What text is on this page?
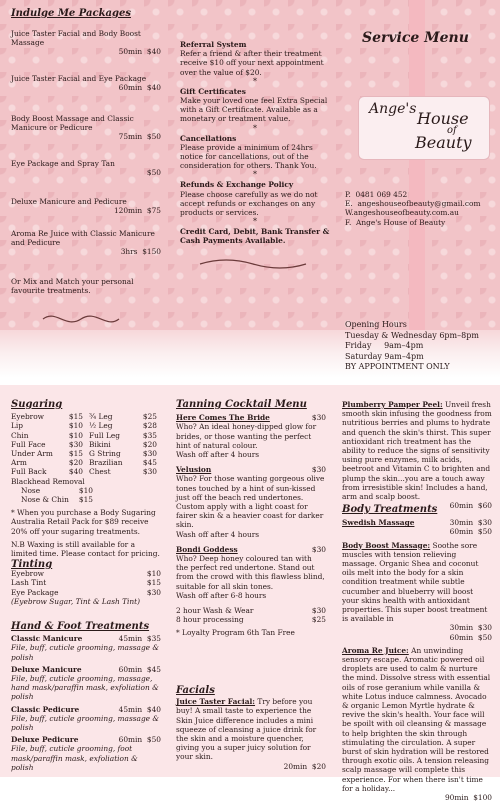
Indulge Me Packages
Juice Taster Facial and Body Boost Massage
50min $40
Juice Taster Facial and Eye Package
60min $40
Body Boost Massage and Classic Manicure or Pedicure
75min $50
Eye Package and Spray Tan
$50
Deluxe Manicure and Pedicure
120min $75
Aroma Re Juice with Classic Manicure and Pedicure
3hrs $150
Or Mix and Match your personal favourite treatments.
Referral System
Refer a friend & after their treatment receive $10 off your next appointment over the value of $20.
*
Gift Certificates
Make your loved one feel Extra Special with a Gift Certificate. Available as a monetary or treatment value.
*
Cancellations
Please provide a minimum of 24hrs notice for cancellations, out of the consideration for others. Thank You.
*
Refunds & Exchange Policy
Please choose carefully as we do not accept refunds or exchanges on any products or services.
*
Credit Card, Debit, Bank Transfer & Cash Payments Available.
Service Menu
Ange's House
of
Beauty
P. 0481 069 452
E. angeshouseofbeauty@gmail.com
W.angeshouseofbeauty.com.au
F. Ange's House of Beauty
Opening Hours
Tuesday & Wednesday 6pm–8pm
Friday 9am–4pm
Saturday 9am–4pm
BY APPOINTMENT ONLY
Sugaring
Eyebrow	$15
Lip	$10
Chin	$10
Full Face	$30
Under Arm $15
Arm	$20
Full Back	$40
¾ Leg	$25
½ Leg	$28
Full Leg	$35
Bikini	$20
G String	$30
Brazilian	$45
Chest	$30
Blackhead Removal
Nose	$10
Nose & Chin $15
* When you purchase a Body Sugaring Australia Retail Pack for $89 receive 20% off your sugaring treatments.
N.B Waxing is still available for a limited time. Please contact for pricing.
Tinting
Eyebrow	$10
Lash Tint	$15
Eye Package	$30
(Eyebrow Sugar, Tint & Lash Tint)
Hand & Foot Treatments
Classic Manicure	45min $35
File, buff, cuticle grooming, massage & polish
Deluxe Manicure	60min $45
File, buff, cuticle grooming, massage, hand mask/paraffin mask, exfoliation & polish
Classic Pedicure	45min $40
File, buff, cuticle grooming, massage & polish
Deluxe Pedicure	60min $50
File, buff, cuticle grooming, foot mask/paraffin mask, exfoliation & polish
Tanning Cocktail Menu
Here Comes The Bride	$30
Who? An ideal honey-dipped glow for brides, or those wanting the perfect hint of natural colour.
Wash off after 4 hours
Velusion	$30
Who? For those wanting gorgeous olive tones touched by a hint of sun-kissed just off the beach red undertones. Custom apply with a light coast for fairer skin & a heavier coast for darker skin.
Wash off after 4 hours
Bondi Goddess	$30
Who? Deep honey coloured tan with the perfect red undertone. Stand out from the crowd with this flawless blind, suitable for all skin tones.
Wash off after 6-8 hours
2 hour Wash & Wear	$30
8 hour processing	$25
* Loyalty Program 6th Tan Free
Facials
Juice Taster Facial: Try before you buy! A small taste to experience the Skin Juice difference includes a mini squeeze of cleansing a juice drink for the skin and a moisture quencher, giving you a super juicy solution for your skin.
20min $20
Plumberry Pamper Peel: Unveil fresh smooth skin infusing the goodness from nutritious berries and plums to hydrate and quench the skin's thirst. This super antioxidant rich treatment has the ability to reduce the signs of sensitivity using pure enzymes, milk acids, beetroot and Vitamin C to brighten and plump the skin...you are a touch away from irresistible skin! Includes a hand, arm and scalp boost.
60min $60
Body Treatments
Swedish Massage	30min $30
60min $50
Body Boost Massage: Soothe sore muscles with tension relieving massage. Organic Shea and coconut oils melt into the body for a skin condition treatment while subtle cucumber and blueberry will boost your skins health with antioxidant properties. This super boost treatment is available in
30min $30
60min $50
Aroma Re Juice: An unwinding sensory escape. Aromatic powered oil droplets are used to calm & nurture the mind. Dissolve stress with essential oils of rose geranium while vanilla & white Lotus induce calmness. Avocado & organic Lemon Myrtle hydrate & revive the skin's health. Your face will be spoilt with oil cleansing & massage to help brighten the skin through stimulating the circulation. A super burst of skin hydration will be restored through exotic oils. A tension releasing scalp massage will complete this experience. For when there isn't time for a holiday...
90min $100
